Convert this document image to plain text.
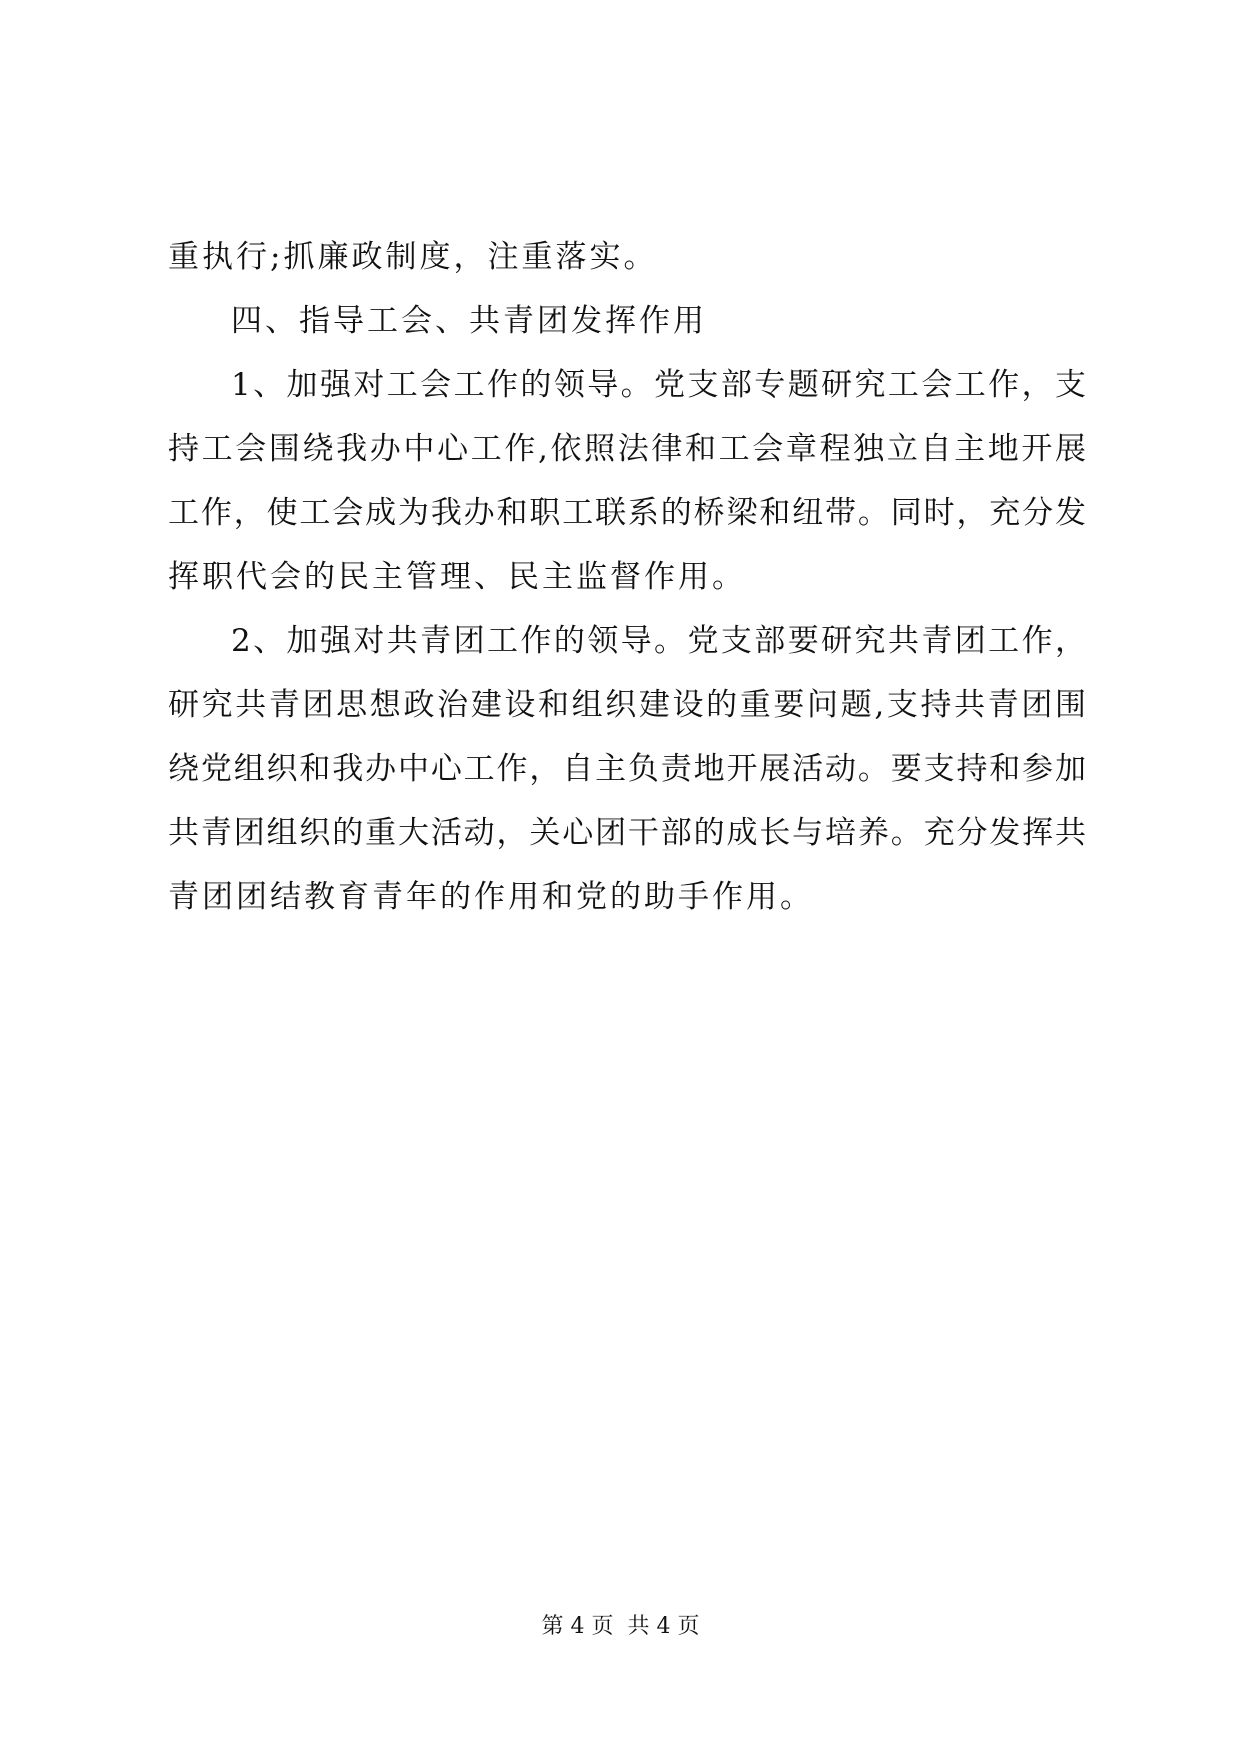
重执行;抓廉政制度，注重落实。
四、指导工会、共青团发挥作用
1、加强对工会工作的领导。党支部专题研究工会工作，支
持工会围绕我办中心工作,依照法律和工会章程独立自主地开展
工作，使工会成为我办和职工联系的桥梁和纽带。同时，充分发
挥职代会的民主管理、民主监督作用。
2、加强对共青团工作的领导。党支部要研究共青团工作，
研究共青团思想政治建设和组织建设的重要问题,支持共青团围
绕党组织和我办中心工作，自主负责地开展活动。要支持和参加
共青团组织的重大活动，关心团干部的成长与培养。充分发挥共
青团团结教育青年的作用和党的助手作用。
第 4 页  共 4 页
